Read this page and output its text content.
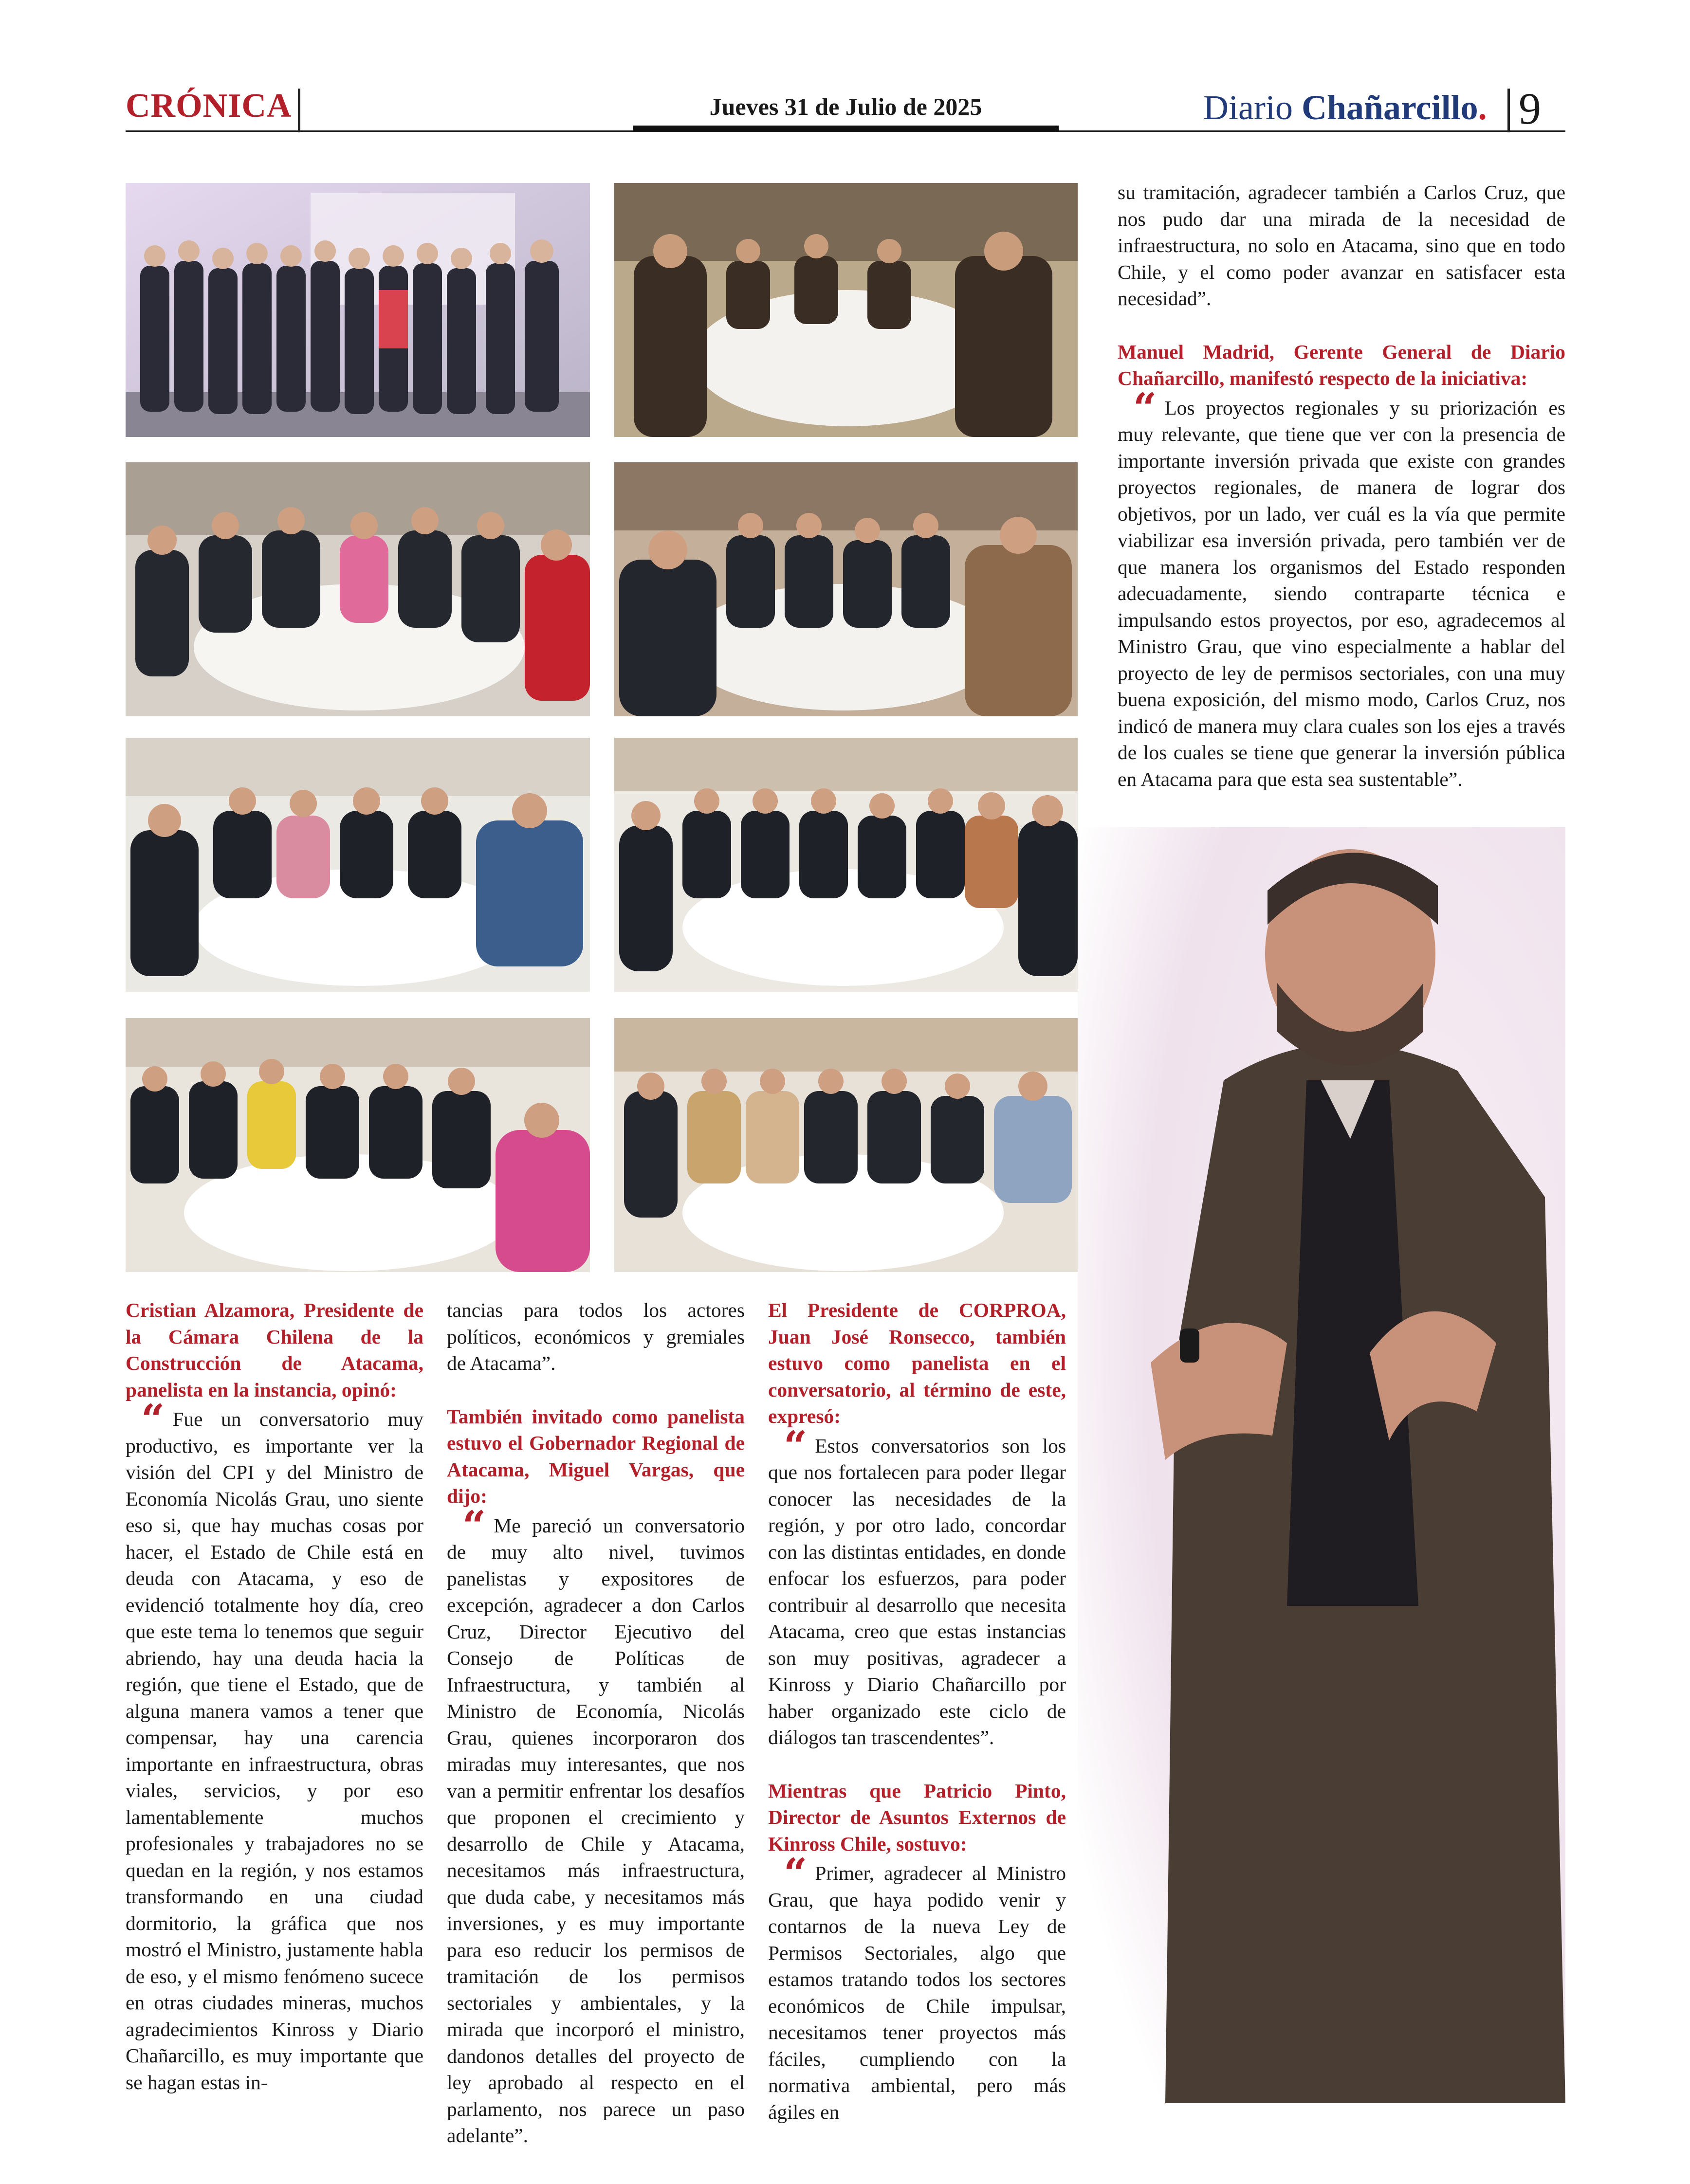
CRÓNICA	Jueves 31 de Julio de 2025	Diario Chañarcillo. 9

Cristian Alzamora, Presidente de la Cámara Chilena de la Construcción de Atacama, panelista en la instancia, opinó:

“ Fue un conversatorio muy productivo, es importante ver la visión del CPI y del Ministro de Economía Nicolás Grau, uno siente eso si, que hay muchas cosas por hacer, el Estado de Chile está en deuda con Atacama, y eso de evidenció totalmente hoy día, creo que este tema lo tenemos que seguir abriendo, hay una deuda hacia la región, que tiene el Estado, que de alguna manera vamos a tener que compensar, hay una carencia importante en infraestructura, obras viales, servicios, y por eso lamentablemente muchos profesionales y trabajadores no se quedan en la región, y nos estamos transformando en una ciudad dormitorio, la gráfica que nos mostró el Ministro, justamente habla de eso, y el mismo fenómeno sucece en otras ciudades mineras, muchos agradecimientos Kinross y Diario Chañarcillo, es muy importante que se hagan estas in-

tancias para todos los actores políticos, económicos y gremiales de Atacama”.

También invitado como panelista estuvo el Gobernador Regional de Atacama, Miguel Vargas, que dijo:

“ Me pareció un conversatorio de muy alto nivel, tuvimos panelistas y expositores de excepción, agradecer a don Carlos Cruz, Director Ejecutivo del Consejo de Políticas de Infraestructura, y también al Ministro de Economía, Nicolás Grau, quienes incorporaron dos miradas muy interesantes, que nos van a permitir enfrentar los desafíos que proponen el crecimiento y desarrollo de Chile y Atacama, necesitamos más infraestructura, que duda cabe, y necesitamos más inversiones, y es muy importante para eso reducir los permisos de tramitación de los permisos sectoriales y ambientales, y la mirada que incorporó el ministro, dandonos detalles del proyecto de ley aprobado al respecto en el parlamento, nos parece un paso adelante”.

El Presidente de CORPROA, Juan José Ronsecco, también estuvo como panelista en el conversatorio, al término de este, expresó:

“ Estos conversatorios son los que nos fortalecen para poder llegar conocer las necesidades de la región, y por otro lado, concordar con las distintas entidades, en donde enfocar los esfuerzos, para poder contribuir al desarrollo que necesita Atacama, creo que estas instancias son muy positivas, agradecer a Kinross y Diario Chañarcillo por haber organizado este ciclo de diálogos tan trascendentes”.

Mientras que Patricio Pinto, Director de Asuntos Externos de Kinross Chile, sostuvo:

“ Primer, agradecer al Ministro Grau, que haya podido venir y contarnos de la nueva Ley de Permisos Sectoriales, algo que estamos tratando todos los sectores económicos de Chile impulsar, necesitamos tener proyectos más fáciles, cumpliendo con la normativa ambiental, pero más ágiles en

su tramitación, agradecer también a Carlos Cruz, que nos pudo dar una mirada de la necesidad de infraestructura, no solo en Atacama, sino que en todo Chile, y el como poder avanzar en satisfacer esta necesidad”.

Manuel Madrid, Gerente General de Diario Chañarcillo, manifestó respecto de la iniciativa:

“ Los proyectos regionales y su priorización es muy relevante, que tiene que ver con la presencia de importante inversión privada que existe con grandes proyectos regionales, de manera de lograr dos objetivos, por un lado, ver cuál es la vía que permite viabilizar esa inversión privada, pero también ver de que manera los organismos del Estado responden adecuadamente, siendo contraparte técnica e impulsando estos proyectos, por eso, agradecemos al Ministro Grau, que vino especialmente a hablar del proyecto de ley de permisos sectoriales, con una muy buena exposición, del mismo modo, Carlos Cruz, nos indicó de manera muy clara cuales son los ejes a través de los cuales se tiene que generar la inversión pública en Atacama para que esta sea sustentable”.
